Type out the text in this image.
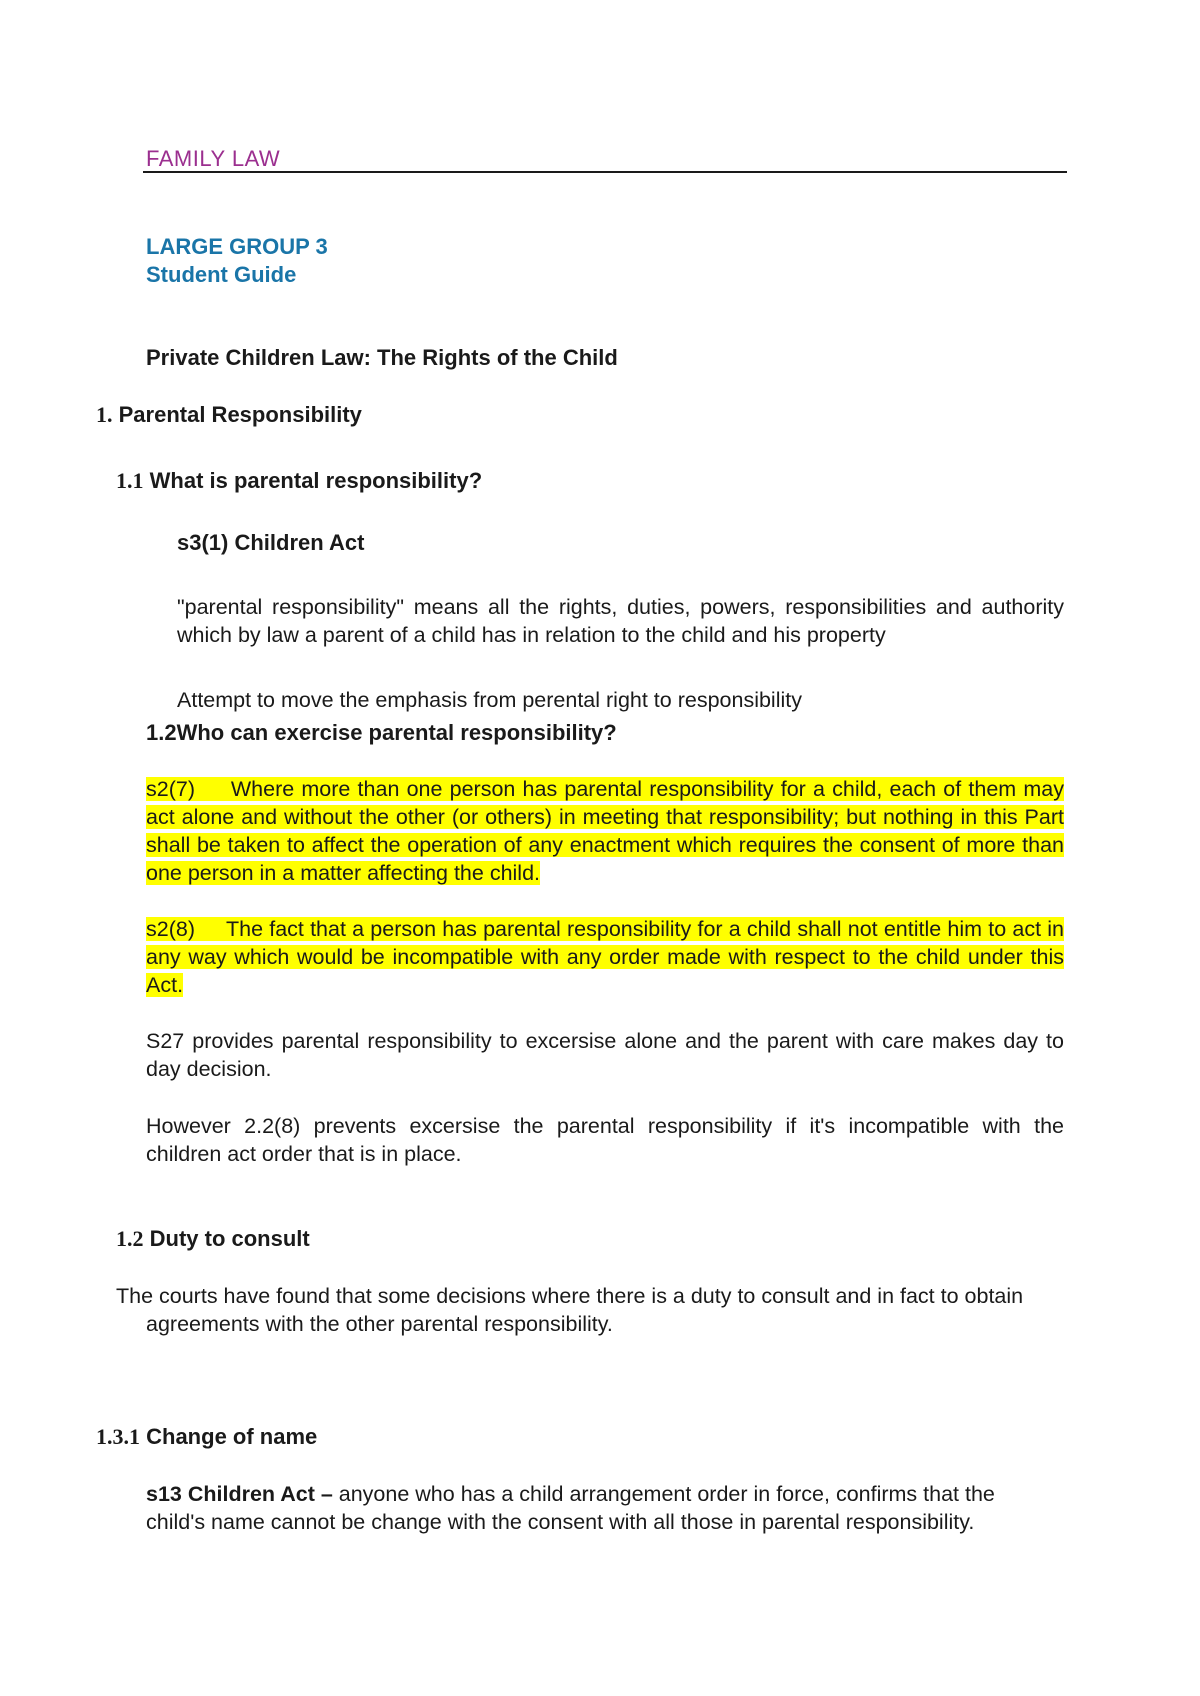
FAMILY LAW
LARGE GROUP 3
Student Guide
Private Children Law: The Rights of the Child
1. Parental Responsibility
1.1 What is parental responsibility?
s3(1) Children Act
"parental responsibility" means all the rights, duties, powers, responsibilities and authority which by law a parent of a child has in relation to the child and his property
Attempt to move the emphasis from perental right to responsibility
1.2Who can exercise parental responsibility?
s2(7) Where more than one person has parental responsibility for a child, each of them may act alone and without the other (or others) in meeting that responsibility; but nothing in this Part shall be taken to affect the operation of any enactment which requires the consent of more than one person in a matter affecting the child.
s2(8) The fact that a person has parental responsibility for a child shall not entitle him to act in any way which would be incompatible with any order made with respect to the child under this Act.
S27 provides parental responsibility to excersise alone and the parent with care makes day to day decision.
However 2.2(8) prevents excersise the parental responsibility if it's incompatible with the children act order that is in place.
1.2 Duty to consult
The courts have found that some decisions where there is a duty to consult and in fact to obtain agreements with the other parental responsibility.
1.3.1 Change of name
s13 Children Act – anyone who has a child arrangement order in force, confirms that the child's name cannot be change with the consent with all those in parental responsibility.
